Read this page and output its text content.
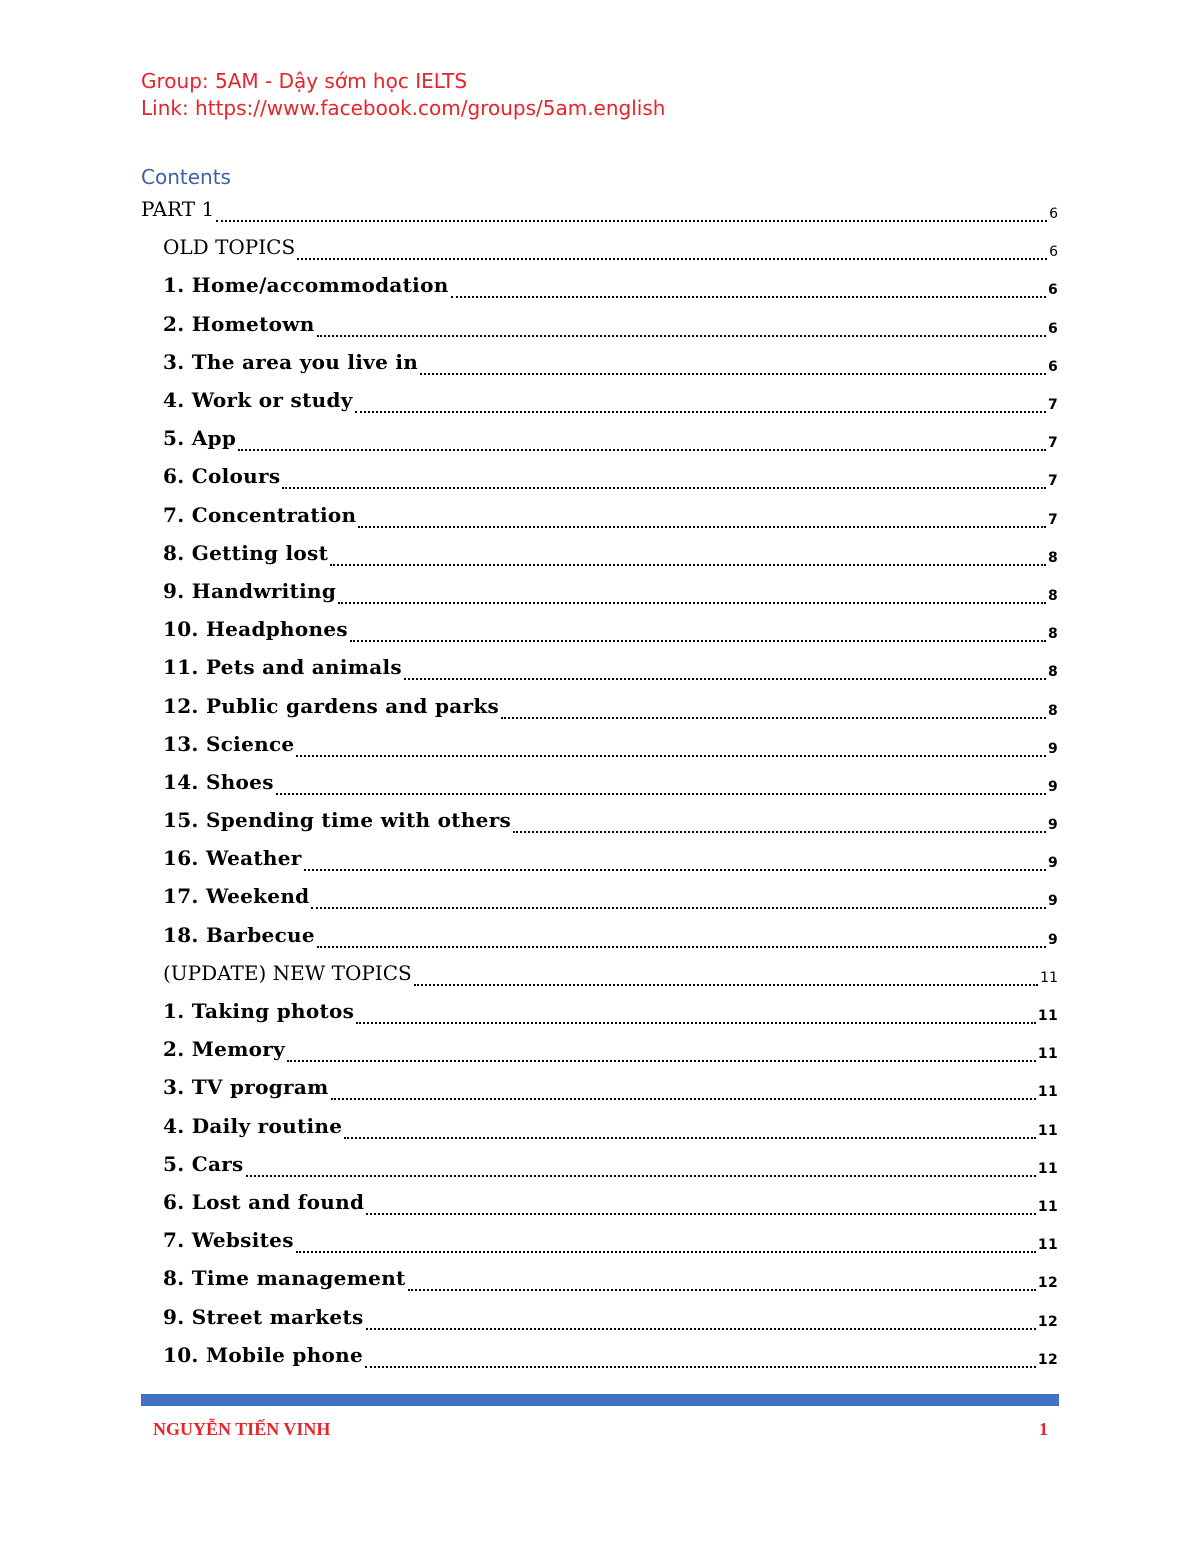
Group: 5AM - Dậy sớm học IELTS
Link: https://www.facebook.com/groups/5am.english
Contents
PART 1	6
OLD TOPICS	6
1. Home/accommodation	6
2. Hometown	6
3. The area you live in	6
4. Work or study	7
5. App	7
6. Colours	7
7. Concentration	7
8. Getting lost	8
9. Handwriting	8
10. Headphones	8
11. Pets and animals	8
12. Public gardens and parks	8
13. Science	9
14. Shoes	9
15. Spending time with others	9
16. Weather	9
17. Weekend	9
18. Barbecue	9
(UPDATE) NEW TOPICS	11
1. Taking photos	11
2. Memory	11
3. TV program	11
4. Daily routine	11
5. Cars	11
6. Lost and found	11
7. Websites	11
8. Time management	12
9. Street markets	12
10. Mobile phone	12
NGUYỄN TIẾN VINH	1
